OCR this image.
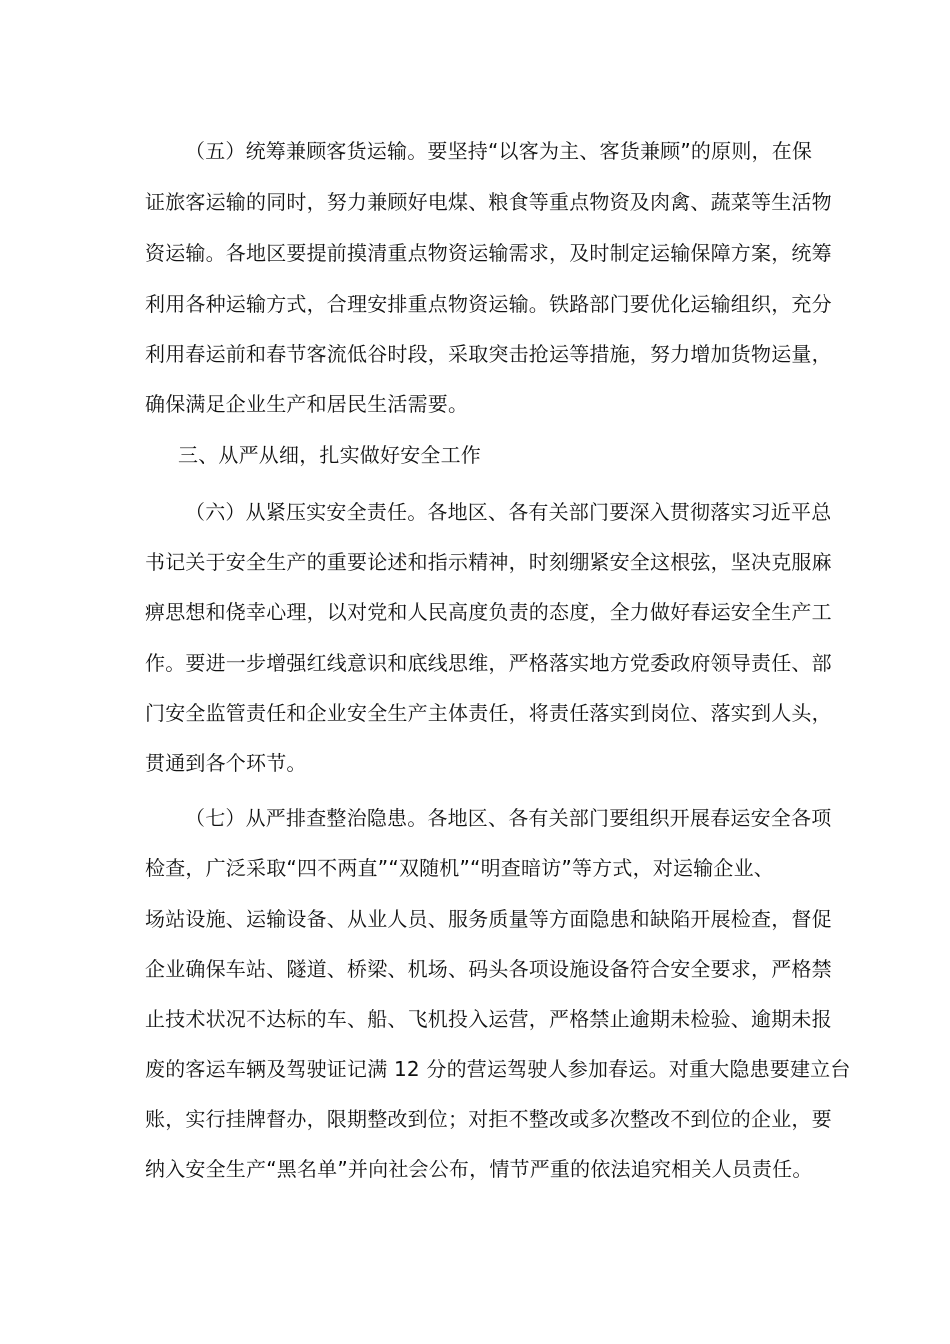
（五）统筹兼顾客货运输。要坚持“以客为主、客货兼顾”的原则，在保
证旅客运输的同时，努力兼顾好电煤、粮食等重点物资及肉禽、蔬菜等生活物
资运输。各地区要提前摸清重点物资运输需求，及时制定运输保障方案，统筹
利用各种运输方式，合理安排重点物资运输。铁路部门要优化运输组织，充分
利用春运前和春节客流低谷时段，采取突击抢运等措施，努力增加货物运量，
确保满足企业生产和居民生活需要。
三、从严从细，扎实做好安全工作
（六）从紧压实安全责任。各地区、各有关部门要深入贯彻落实习近平总
书记关于安全生产的重要论述和指示精神，时刻绷紧安全这根弦，坚决克服麻
痹思想和侥幸心理，以对党和人民高度负责的态度，全力做好春运安全生产工
作。要进一步增强红线意识和底线思维，严格落实地方党委政府领导责任、部
门安全监管责任和企业安全生产主体责任，将责任落实到岗位、落实到人头，
贯通到各个环节。
（七）从严排查整治隐患。各地区、各有关部门要组织开展春运安全各项
检查，广泛采取“四不两直”“双随机”“明查暗访”等方式，对运输企业、
场站设施、运输设备、从业人员、服务质量等方面隐患和缺陷开展检查，督促
企业确保车站、隧道、桥梁、机场、码头各项设施设备符合安全要求，严格禁
止技术状况不达标的车、船、飞机投入运营，严格禁止逾期未检验、逾期未报
废的客运车辆及驾驶证记满 12 分的营运驾驶人参加春运。对重大隐患要建立台
账，实行挂牌督办，限期整改到位；对拒不整改或多次整改不到位的企业，要
纳入安全生产“黑名单”并向社会公布，情节严重的依法追究相关人员责任。
